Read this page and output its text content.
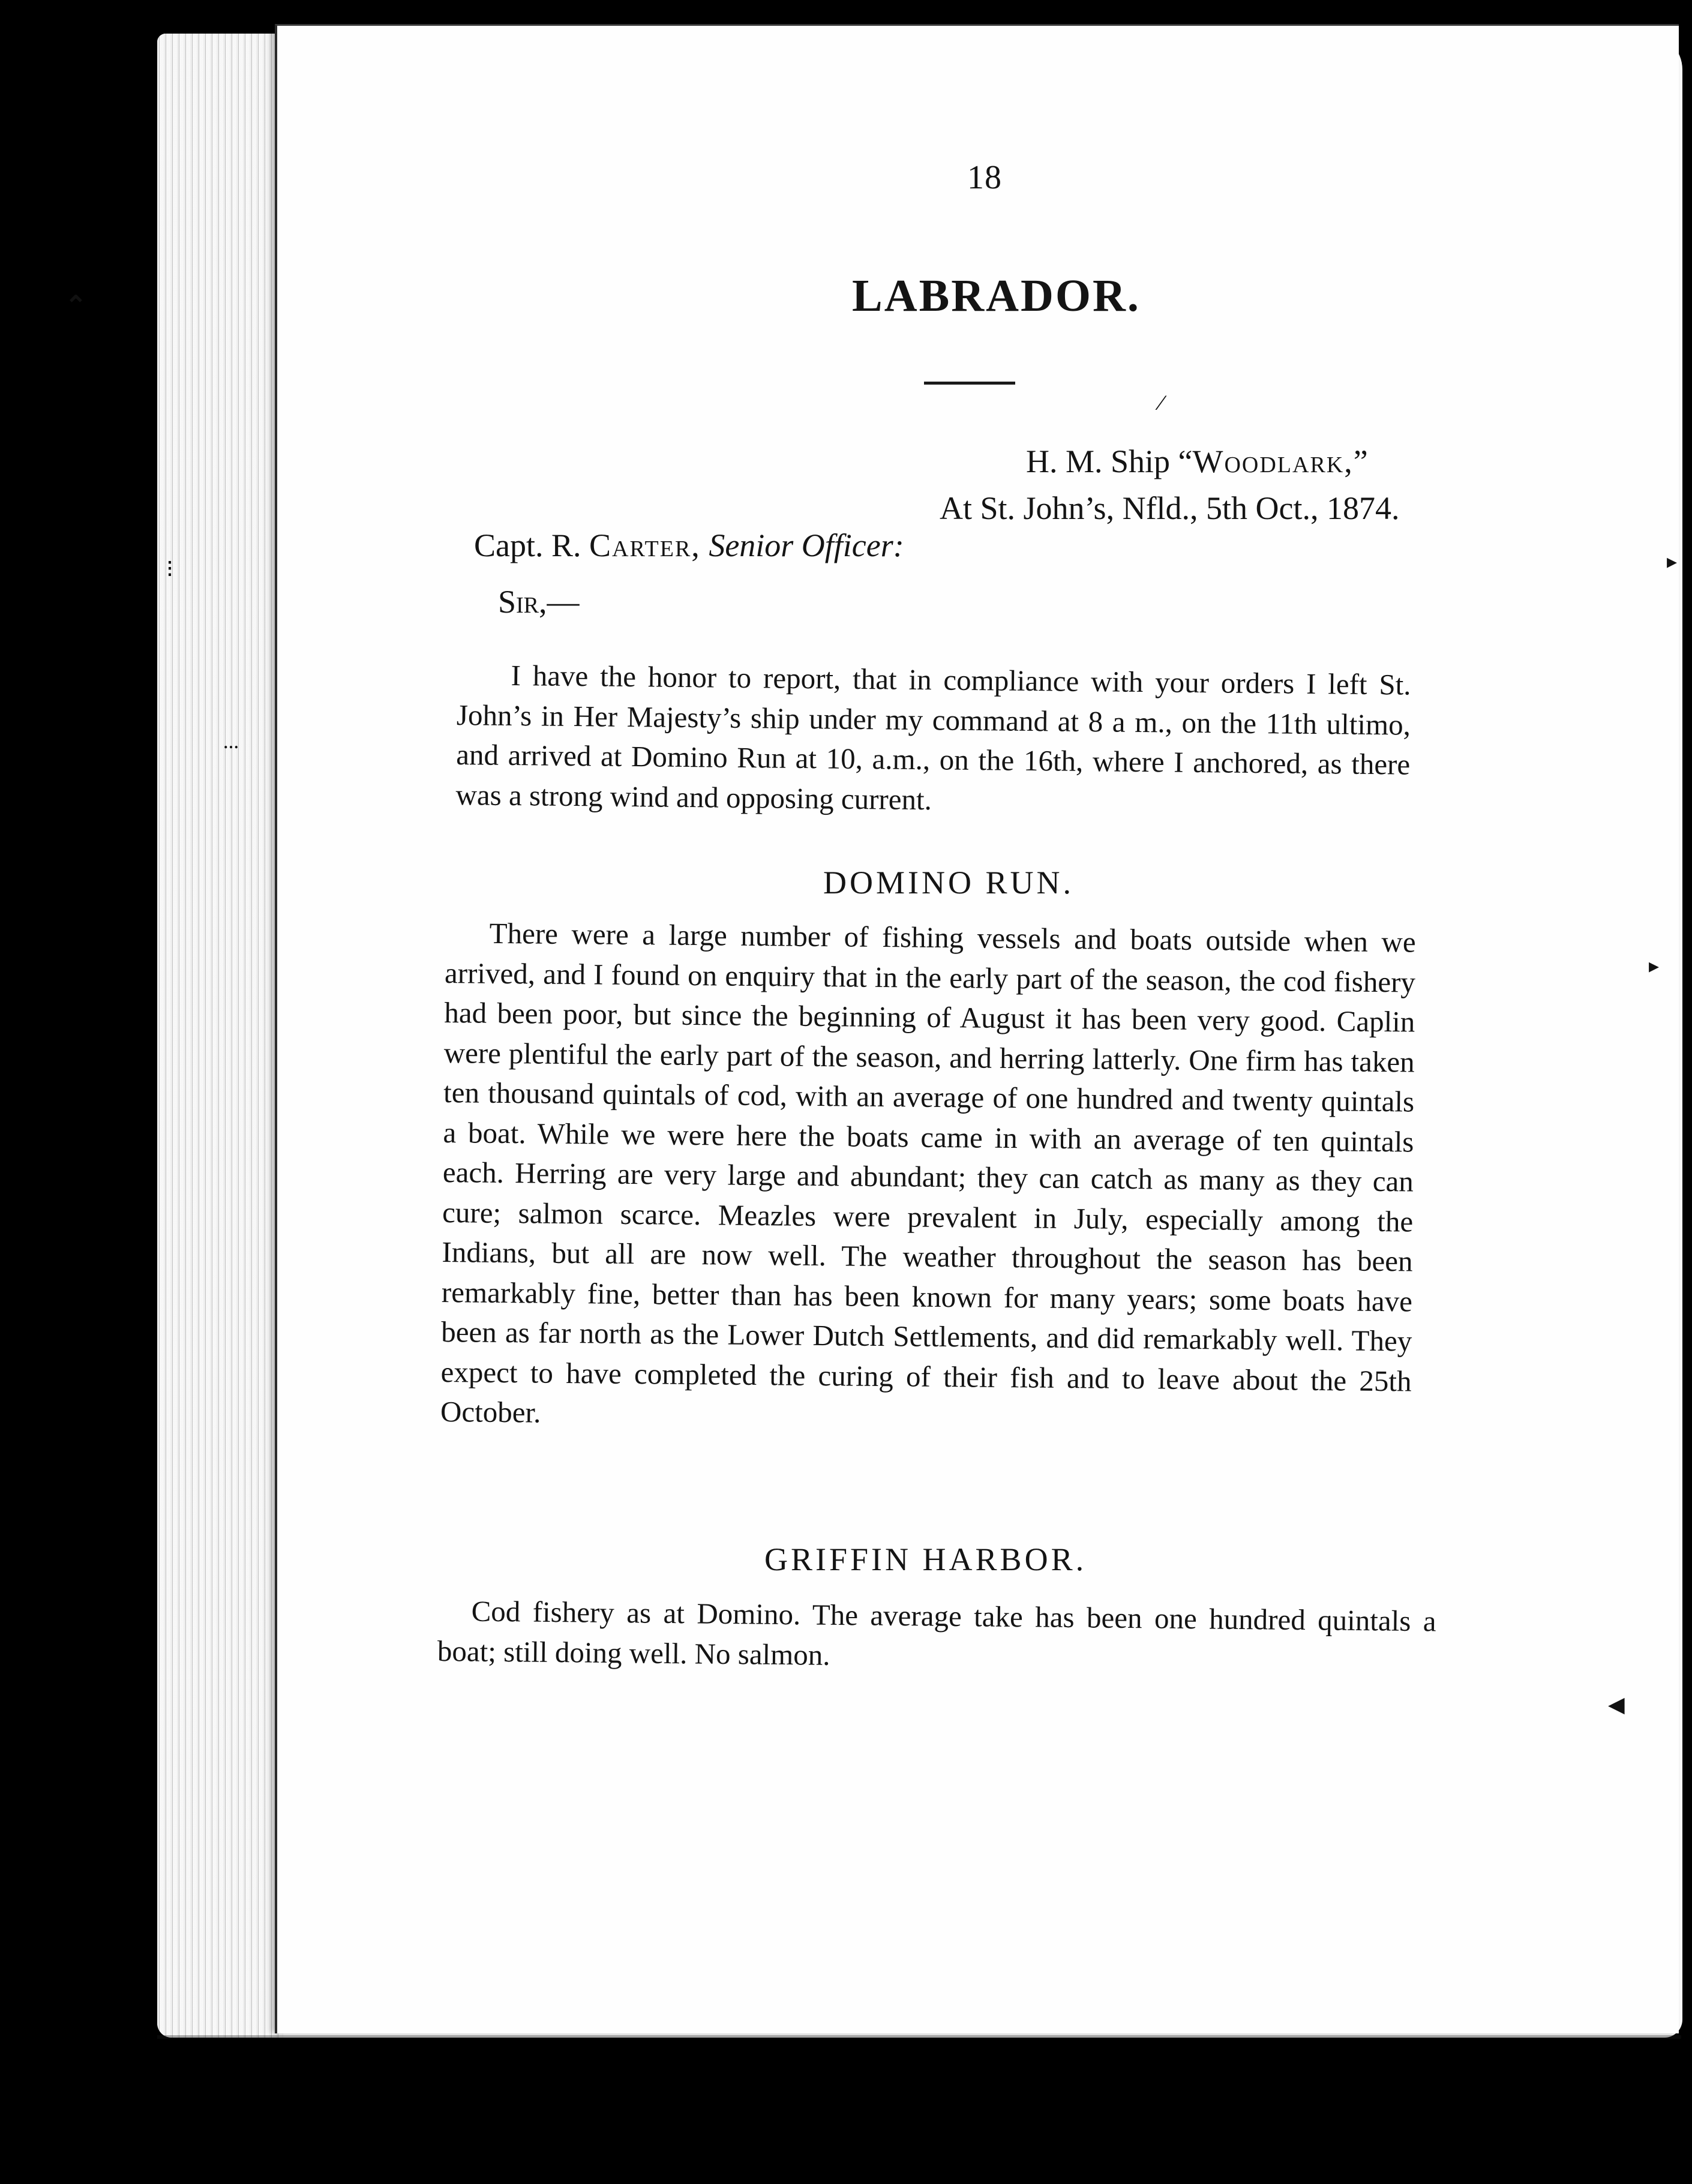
⌃
⋮
…
▸
▸
◀
⁄
18
LABRADOR.
H. M. Ship “Woodlark,”
At St. John’s, Nfld., 5th Oct., 1874.
Capt. R. Carter, Senior Officer:
Sir,—

I have the honor to report, that in compliance with your orders I left St. John’s in Her Majesty’s ship under my command at 8 a m., on the 11th ultimo, and arrived at Domino Run at 10, a.m., on the 16th, where I anchored, as there was a strong wind and opposing current.

DOMINO RUN.

There were a large number of fishing vessels and boats outside when we arrived, and I found on enquiry that in the early part of the season, the cod fishery had been poor, but since the beginning of August it has been very good. Caplin were plentiful the early part of the season, and herring latterly. One firm has taken ten thousand quintals of cod, with an average of one hundred and twenty quintals a boat. While we were here the boats came in with an average of ten quintals each. Herring are very large and abundant; they can catch as many as they can cure; salmon scarce. Meazles were prevalent in July, especially among the Indians, but all are now well. The weather throughout the season has been remarkably fine, better than has been known for many years; some boats have been as far north as the Lower Dutch Settlements, and did remarkably well. They expect to have completed the curing of their fish and to leave about the 25th October.

GRIFFIN HARBOR.

Cod fishery as at Domino. The average take has been one hundred quintals a boat; still doing well. No salmon.
